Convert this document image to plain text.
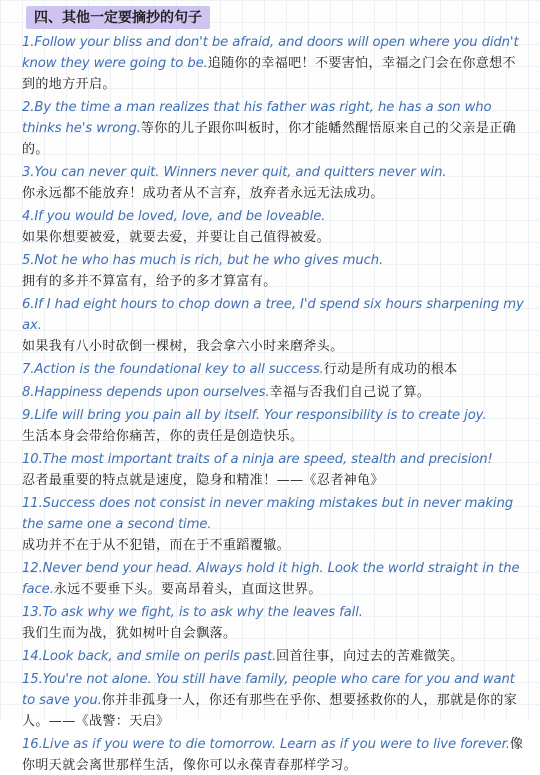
四、其他一定要摘抄的句子

1.Follow your bliss and don't be afraid, and doors will open where you didn't know they were going to be.追随你的幸福吧！不要害怕，幸福之门会在你意想不到的地方开启。

2.By the time a man realizes that his father was right, he has a son who thinks he's wrong.等你的儿子跟你叫板时，你才能幡然醒悟原来自己的父亲是正确的。

3.You can never quit. Winners never quit, and quitters never win.
你永远都不能放弃！成功者从不言弃，放弃者永远无法成功。

4.If you would be loved, love, and be loveable.
如果你想要被爱，就要去爱，并要让自己值得被爱。

5.Not he who has much is rich, but he who gives much.
拥有的多并不算富有，给予的多才算富有。

6.If I had eight hours to chop down a tree, I'd spend six hours sharpening my ax.
如果我有八小时砍倒一棵树，我会拿六小时来磨斧头。

7.Action is the foundational key to all success.行动是所有成功的根本

8.Happiness depends upon ourselves.幸福与否我们自己说了算。

9.Life will bring you pain all by itself. Your responsibility is to create joy.
生活本身会带给你痛苦，你的责任是创造快乐。

10.The most important traits of a ninja are speed, stealth and precision!
忍者最重要的特点就是速度，隐身和精准！——《忍者神龟》

11.Success does not consist in never making mistakes but in never making the same one a second time.
成功并不在于从不犯错，而在于不重蹈覆辙。

12.Never bend your head. Always hold it high. Look the world straight in the face.永远不要垂下头。要高昂着头，直面这世界。

13.To ask why we fight, is to ask why the leaves fall.
我们生而为战，犹如树叶自会飘落。

14.Look back, and smile on perils past.回首往事，向过去的苦难微笑。

15.You're not alone. You still have family, people who care for you and want to save you.你并非孤身一人，你还有那些在乎你、想要拯救你的人，那就是你的家人。——《战警：天启》

16.Live as if you were to die tomorrow. Learn as if you were to live forever.像你明天就会离世那样生活，像你可以永葆青春那样学习。
